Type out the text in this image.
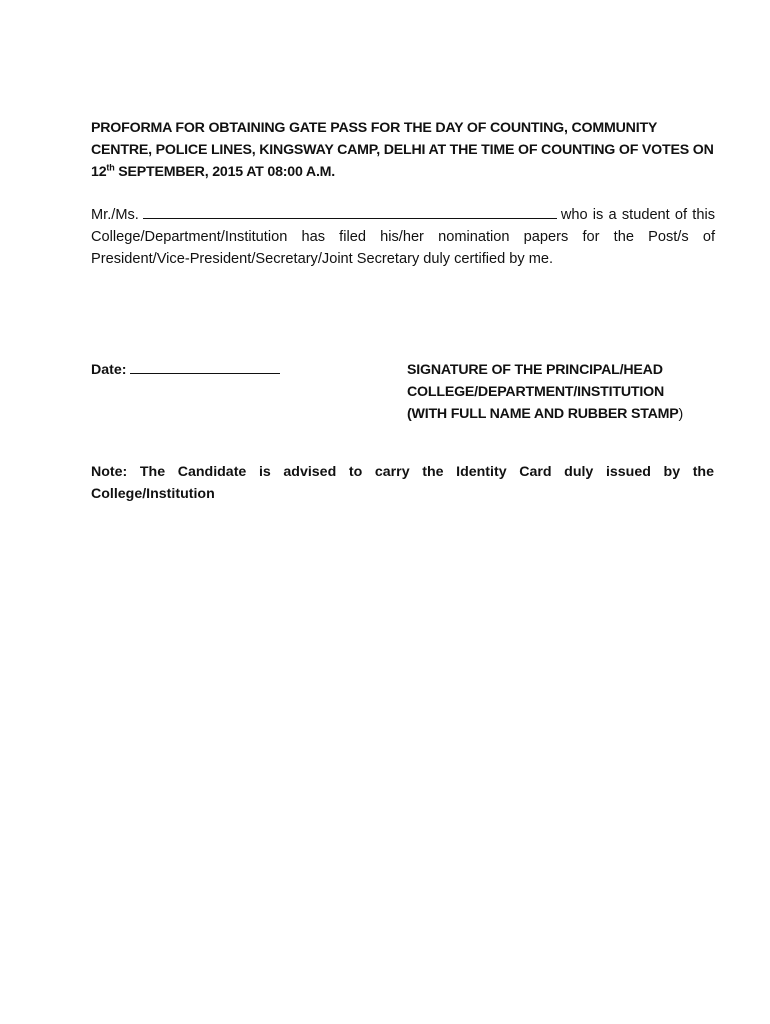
PROFORMA FOR OBTAINING GATE PASS FOR THE DAY OF COUNTING, COMMUNITY CENTRE, POLICE LINES, KINGSWAY CAMP, DELHI AT THE TIME OF COUNTING OF VOTES ON 12th SEPTEMBER, 2015 AT 08:00 A.M.
Mr./Ms.	who is a student of this College/Department/Institution has filed his/her nomination papers for the Post/s of President/Vice-President/Secretary/Joint Secretary duly certified by me.
Date:	SIGNATURE OF THE PRINCIPAL/HEAD
COLLEGE/DEPARTMENT/INSTITUTION
(WITH FULL NAME AND RUBBER STAMP)
Note: The Candidate is advised to carry the Identity Card duly issued by the College/Institution
